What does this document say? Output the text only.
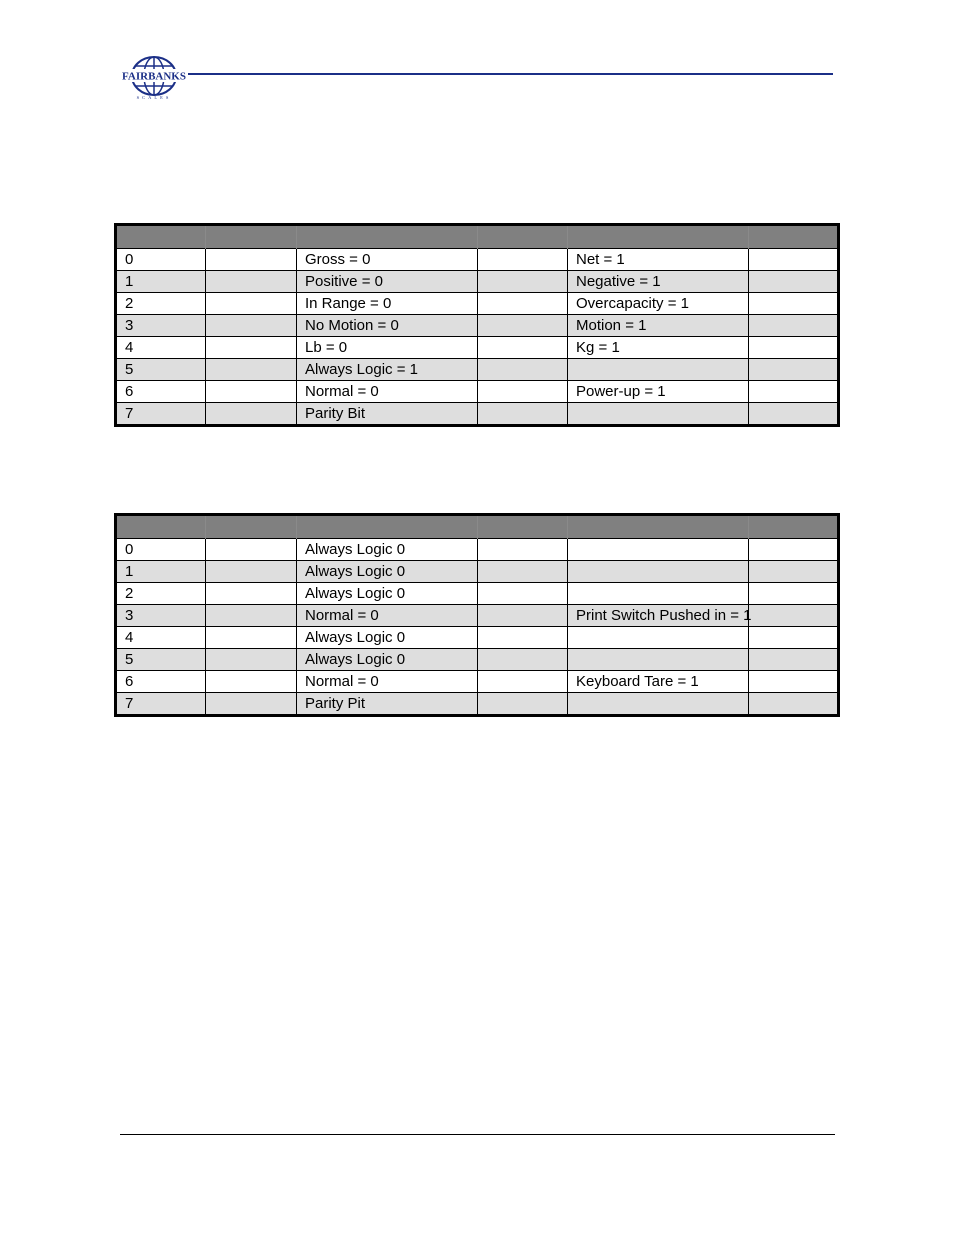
FAIRBANKS
SCALES

0		Gross = 0		Net = 1	
1		Positive = 0		Negative = 1	
2		In Range = 0		Overcapacity = 1	
3		No Motion = 0		Motion = 1	
4		Lb = 0		Kg = 1	
5		Always Logic = 1			
6		Normal = 0		Power-up = 1	
7		Parity Bit			

0		Always Logic 0			
1		Always Logic 0			
2		Always Logic 0			
3		Normal = 0		Print Switch Pushed in = 1	
4		Always Logic 0			
5		Always Logic 0			
6		Normal = 0		Keyboard Tare = 1	
7		Parity Pit			
